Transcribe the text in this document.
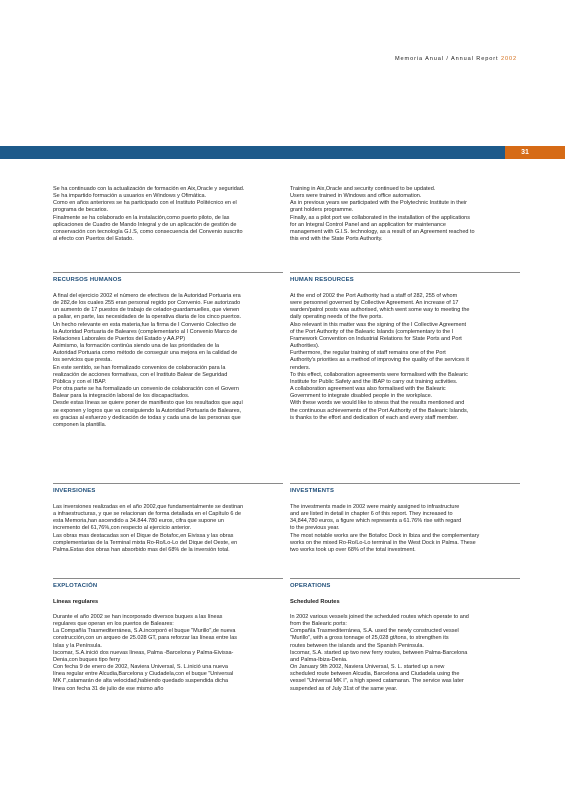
Memoria Anual / Annual Report 2002
31

Se ha continuado con la actualización de formación en Aix,Oracle y seguridad.

Se ha impartido formación a usuarios en Windows y Ofimática.

Como en años anteriores se ha participado con el Instituto Politécnico en el

programa de becarios.

Finalmente se ha colaborado en la instalación,como puerto piloto, de las

aplicaciones de Cuadro de Mando Integral y de un aplicación de gestión de

conservación con tecnología G.I.S, como consecuencia del Convenio suscrito

al efecto con Puertos del Estado.

RECURSOS HUMANOS

A final del ejercicio 2002 el número de efectivos de la Autoridad Portuaria era

de 282,de los cuales 255 eran personal regido por Convenio. Fue autorizado

un aumento de 17 puestos de trabajo de celador-guardamuelles, que vienen

a paliar, en parte, las necesidades de la operativa diaria de los cinco puertos.

Un hecho relevante en esta materia,fue la firma de I Convenio Colectivo de

la Autoridad Portuaria de Baleares (complementario al I Convenio Marco de

Relaciones Laborales de Puertos del Estado y AA.PP)

Asimismo, la formación continúa siendo una de las prioridades de la

Autoridad Portuaria como método de conseguir una mejora en la calidad de

los servicios que presta.

En este sentido, se han formalizado convenios de colaboración para la

realización de acciones formativas, con el Instituto Balear de Seguridad

Pública y con el IBAP.

Por otra parte se ha formalizado un convenio de colaboración con el Govern

Balear para la integración laboral de los discapacitados.

Desde estas líneas se quiere poner de manifiesto que los resultados que aquí

se exponen y logros que va consiguiendo la Autoridad Portuaria de Baleares,

es gracias al esfuerzo y dedicación de todas y cada una de las personas que

componen la plantilla.

INVERSIONES

Las inversiones realizadas en el año 2002,que fundamentalmente se destinan

a infraestructuras, y que se relacionan de forma detallada en el Capítulo 6 de

esta Memoria,han ascendido a 34.844.780 euros, cifra que supone un

incremento del 61,76%,con respecto al ejercicio anterior.

Las obras mas destacadas son el Dique de Botafoc,en Eivissa y las obras

complementarias de la Terminal mixta Ro-Ro/Lo-Lo del Dique del Oeste, en

Palma.Estas dos obras han absorbido mas del 68% de la inversión total.

EXPLOTACIÓN
Líneas regulares

Durante el año 2002 se han incorporado diversos buques a las líneas

regulares que operan en los puertos de Baleares:

La Compañía Trasmediterránea, S.A.incorporó el buque "Murillo",de nueva

construcción,con un arqueo de 25.028 GT, para reforzar las líneas entre las

Islas y la Península.

Iscomar, S.A.inició dos nuevas líneas, Palma -Barcelona y Palma-Eivissa-

Denia,con buques tipo ferry

Con fecha 9 de enero de 2002, Naviera Universal, S. L.inició una nueva

línea regular entre Alcudia,Barcelona y Ciudadela,con el buque "Universal

MK I",catamarán de alta velocidad,habiendo quedado suspendida dicha

línea con fecha 31 de julio de ese mismo año

Training in Aix,Oracle and security continued to be updated.

Users were trained in Windows and office automation.

As in previous years we participated with the Polytechnic Institute in their

grant holders programme.

Finally, as a pilot port we collaborated in the installation of the applications

for an Integral Control Panel and an application for maintenance

management with G.I.S. technology, as a result of an Agreement reached to

this end with the State Ports Authority.

HUMAN RESOURCES

At the end of 2002 the Port Authority had a staff of 282, 255 of whom

were personnel governed by Collective Agreement. An increase of 17

warden/patrol posts was authorised, which went some way to meeting the

daily operating needs of the five ports.

Also relevant in this matter was the signing of the I Collective Agreement

of the Port Authority of the Balearic Islands (complementary to the I

Framework Convention on Industrial Relations for State Ports and Port

Authorities).

Furthermore, the regular training of staff remains one of the Port

Authority's priorities as a method of improving the quality of the services it

renders.

To this effect, collaboration agreements were formalised with the Balearic

Institute for Public Safety and the IBAP to carry out training activities.

A collaboration agreement was also formalised with the Balearic

Government to integrate disabled people in the workplace.

With these words we would like to stress that the results mentioned and

the continuous achievements of the Port Authority of the Balearic Islands,

is thanks to the effort and dedication of each and every staff member.

INVESTMENTS

The investments made in 2002 were mainly assigned to infrastructure

and are listed in detail in chapter 6 of this report. They increased to

34,844,780 euros, a figure which represents a 61.76% rise with regard

to the previous year.

The most notable works are the Botafoc Dock in Ibiza and the complementary

works on the mixed Ro-Ro/Lo-Lo terminal in the West Dock in Palma. These

two works took up over 68% of the total investment.

OPERATIONS
Scheduled Routes

In 2002 various vessels joined the scheduled routes which operate to and

from the Balearic ports:

Compañía Trasmediterránea, S.A. used the newly constructed vessel

"Murillo", with a gross tonnage of 25,028 gt/tons, to strengthen its

routes between the islands and the Spanish Peninsula.

Iscomar, S.A. started up two new ferry routes, between Palma-Barcelona

and Palma-Ibiza-Denia.

On January 9th 2002, Naviera Universal, S. L. started up a new

scheduled route between Alcudia, Barcelona and Ciudadela using the

vessel "Universal MK I", a high speed catamaran. The service was later

suspended as of July 31st of the same year.
